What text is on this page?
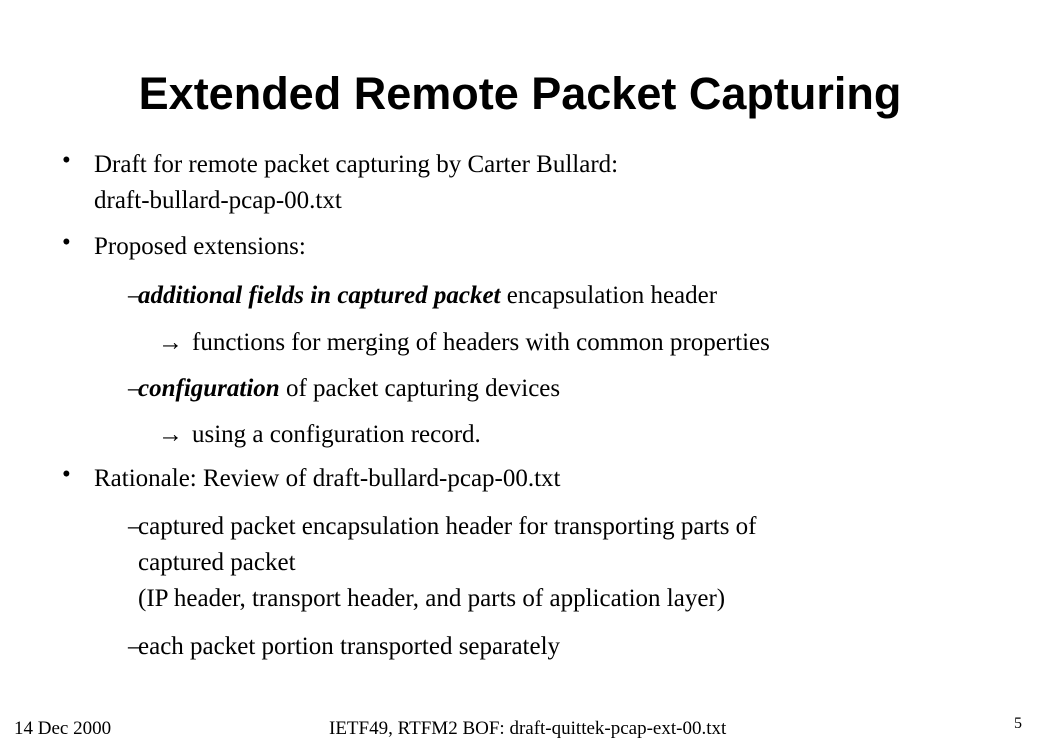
Extended Remote Packet Capturing
• Draft for remote packet capturing by Carter Bullard:
draft-bullard-pcap-00.txt
• Proposed extensions:
–
additional fields in captured packet encapsulation header
→ functions for merging of headers with common properties
–
configuration of packet capturing devices
→ using a configuration record.
• Rationale: Review of draft-bullard-pcap-00.txt
–
captured packet encapsulation header for transporting parts of
captured packet
(IP header, transport header, and parts of application layer)
–
each packet portion transported separately
14 Dec 2000	IETF49, RTFM2 BOF: draft-quittek-pcap-ext-00.txt	5
